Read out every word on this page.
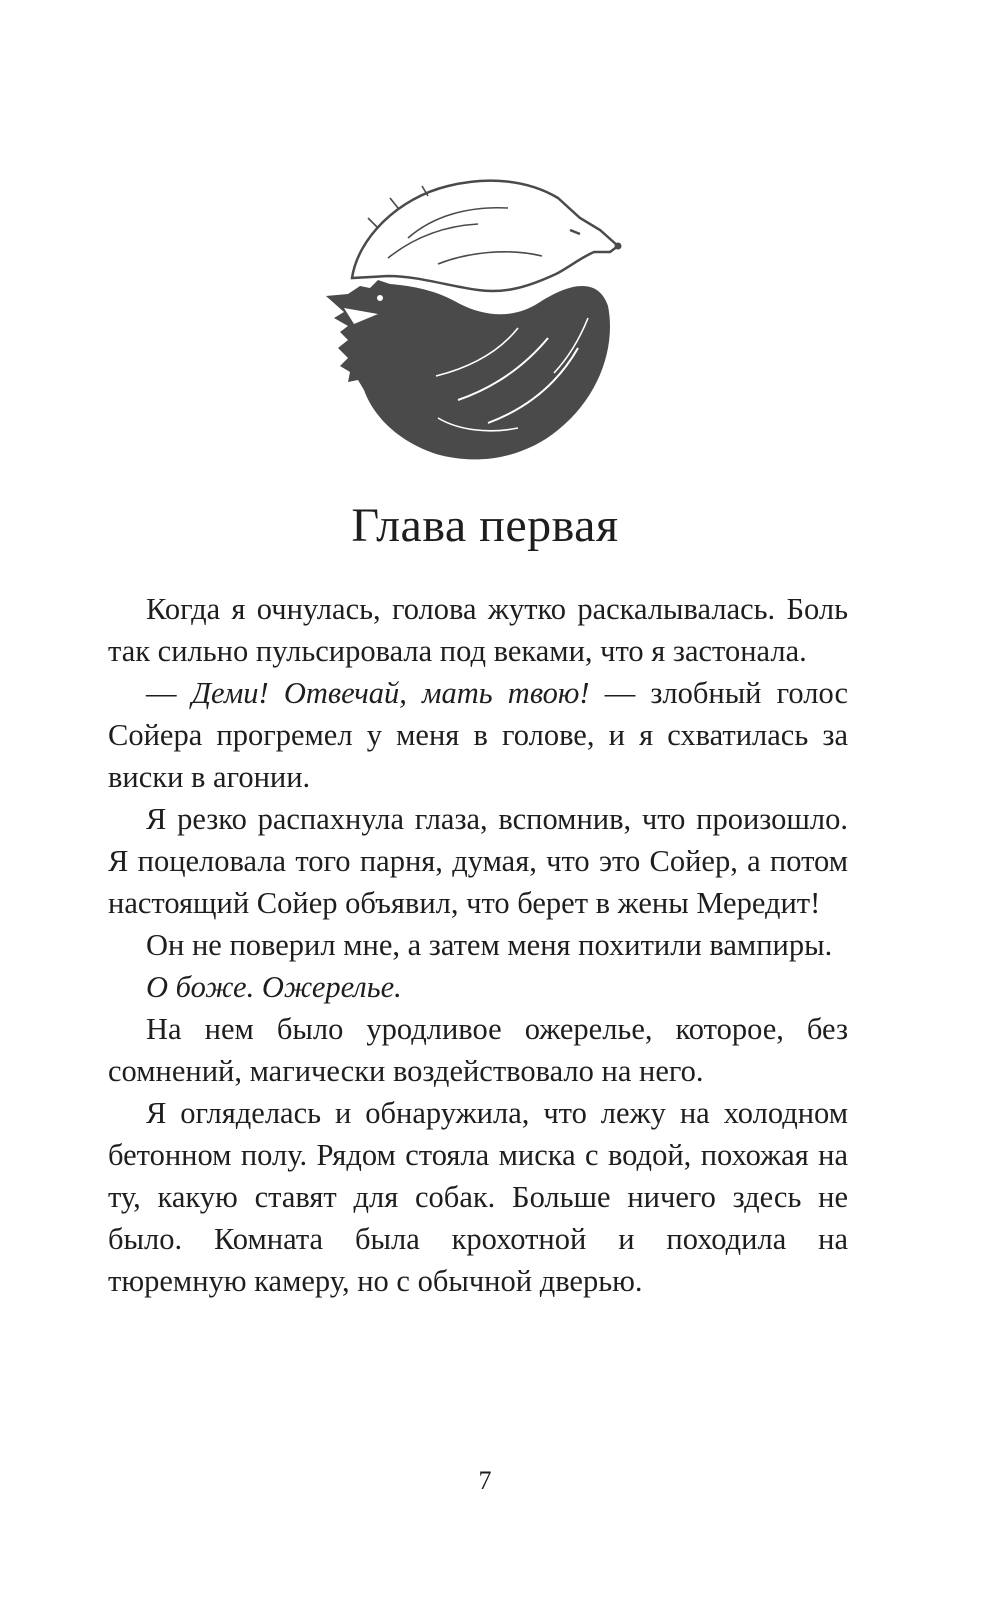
Глава первая

Когда я очнулась, голова жутко раскалывалась. Боль так сильно пульсировала под веками, что я застонала.

— Деми! Отвечай, мать твою! — злобный голос Сойера прогремел у меня в голове, и я схватилась за виски в агонии.

Я резко распахнула глаза, вспомнив, что произошло. Я поцеловала того парня, думая, что это Сойер, а потом настоящий Сойер объявил, что берет в жены Мередит!

Он не поверил мне, а затем меня похитили вампиры.

О боже. Ожерелье.

На нем было уродливое ожерелье, которое, без сомнений, магически воздействовало на него.

Я огляделась и обнаружила, что лежу на холодном бетонном полу. Рядом стояла миска с водой, похожая на ту, какую ставят для собак. Больше ничего здесь не было. Комната была крохотной и походила на тюремную камеру, но с обычной дверью.

7
